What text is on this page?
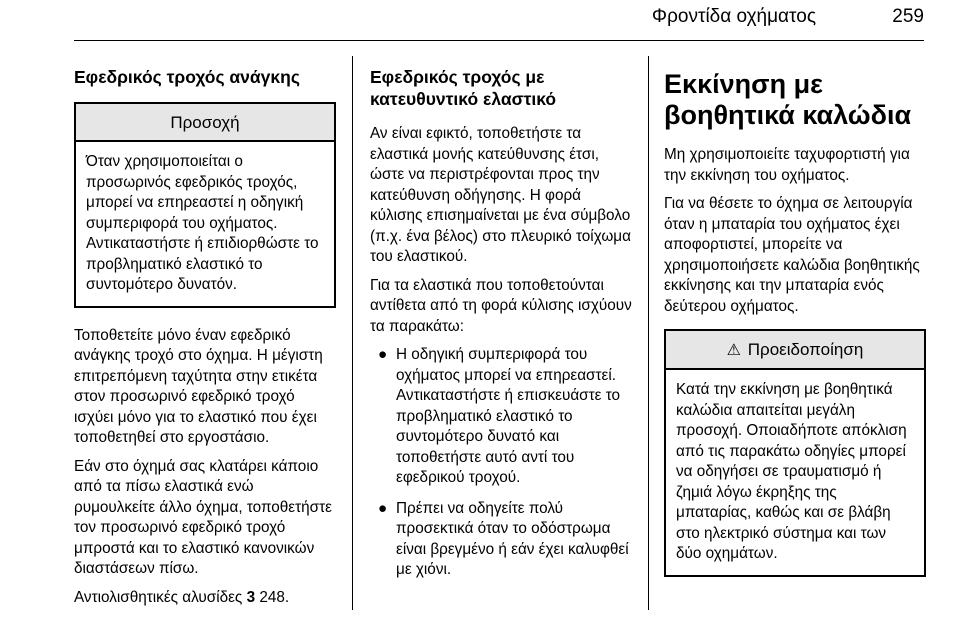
Φροντίδα οχήματος	259
Εφεδρικός τροχός ανάγκης
Προσοχή

Όταν χρησιμοποιείται ο προσωρινός εφεδρικός τροχός, μπορεί να επηρεαστεί η οδηγική συμπεριφορά του οχήματος. Αντικαταστήστε ή επιδιορθώστε το προβληματικό ελαστικό το συντομότερο δυνατόν.

Τοποθετείτε μόνο έναν εφεδρικό ανάγκης τροχό στο όχημα. Η μέγιστη επιτρεπόμενη ταχύτητα στην ετικέτα στον προσωρινό εφεδρικό τροχό ισχύει μόνο για το ελαστικό που έχει τοποθετηθεί στο εργοστάσιο.

Εάν στο όχημά σας κλατάρει κάποιο από τα πίσω ελαστικά ενώ ρυμουλκείτε άλλο όχημα, τοποθετήστε τον προσωρινό εφεδρικό τροχό μπροστά και το ελαστικό κανονικών διαστάσεων πίσω.

Αντιολισθητικές αλυσίδες 3 248.

Εφεδρικός τροχός με κατευθυντικό ελαστικό

Αν είναι εφικτό, τοποθετήστε τα ελαστικά μονής κατεύθυνσης έτσι, ώστε να περιστρέφονται προς την κατεύθυνση οδήγησης. Η φορά κύλισης επισημαίνεται με ένα σύμβολο (π.χ. ένα βέλος) στο πλευρικό τοίχωμα του ελαστικού.

Για τα ελαστικά που τοποθετούνται αντίθετα από τη φορά κύλισης ισχύουν τα παρακάτω:

● Η οδηγική συμπεριφορά του οχήματος μπορεί να επηρεαστεί. Αντικαταστήστε ή επισκευάστε το προβληματικό ελαστικό το συντομότερο δυνατό και τοποθετήστε αυτό αντί του εφεδρικού τροχού.
● Πρέπει να οδηγείτε πολύ προσεκτικά όταν το οδόστρωμα είναι βρεγμένο ή εάν έχει καλυφθεί με χιόνι.
Εκκίνηση με βοηθητικά καλώδια

Μη χρησιμοποιείτε ταχυφορτιστή για την εκκίνηση του οχήματος.

Για να θέσετε το όχημα σε λειτουργία όταν η μπαταρία του οχήματος έχει αποφορτιστεί, μπορείτε να χρησιμοποιήσετε καλώδια βοηθητικής εκκίνησης και την μπαταρία ενός δεύτερου οχήματος.

⚠ Προειδοποίηση

Κατά την εκκίνηση με βοηθητικά καλώδια απαιτείται μεγάλη προσοχή. Οποιαδήποτε απόκλιση από τις παρακάτω οδηγίες μπορεί να οδηγήσει σε τραυματισμό ή ζημιά λόγω έκρηξης της μπαταρίας, καθώς και σε βλάβη στο ηλεκτρικό σύστημα και των δύο οχημάτων.
